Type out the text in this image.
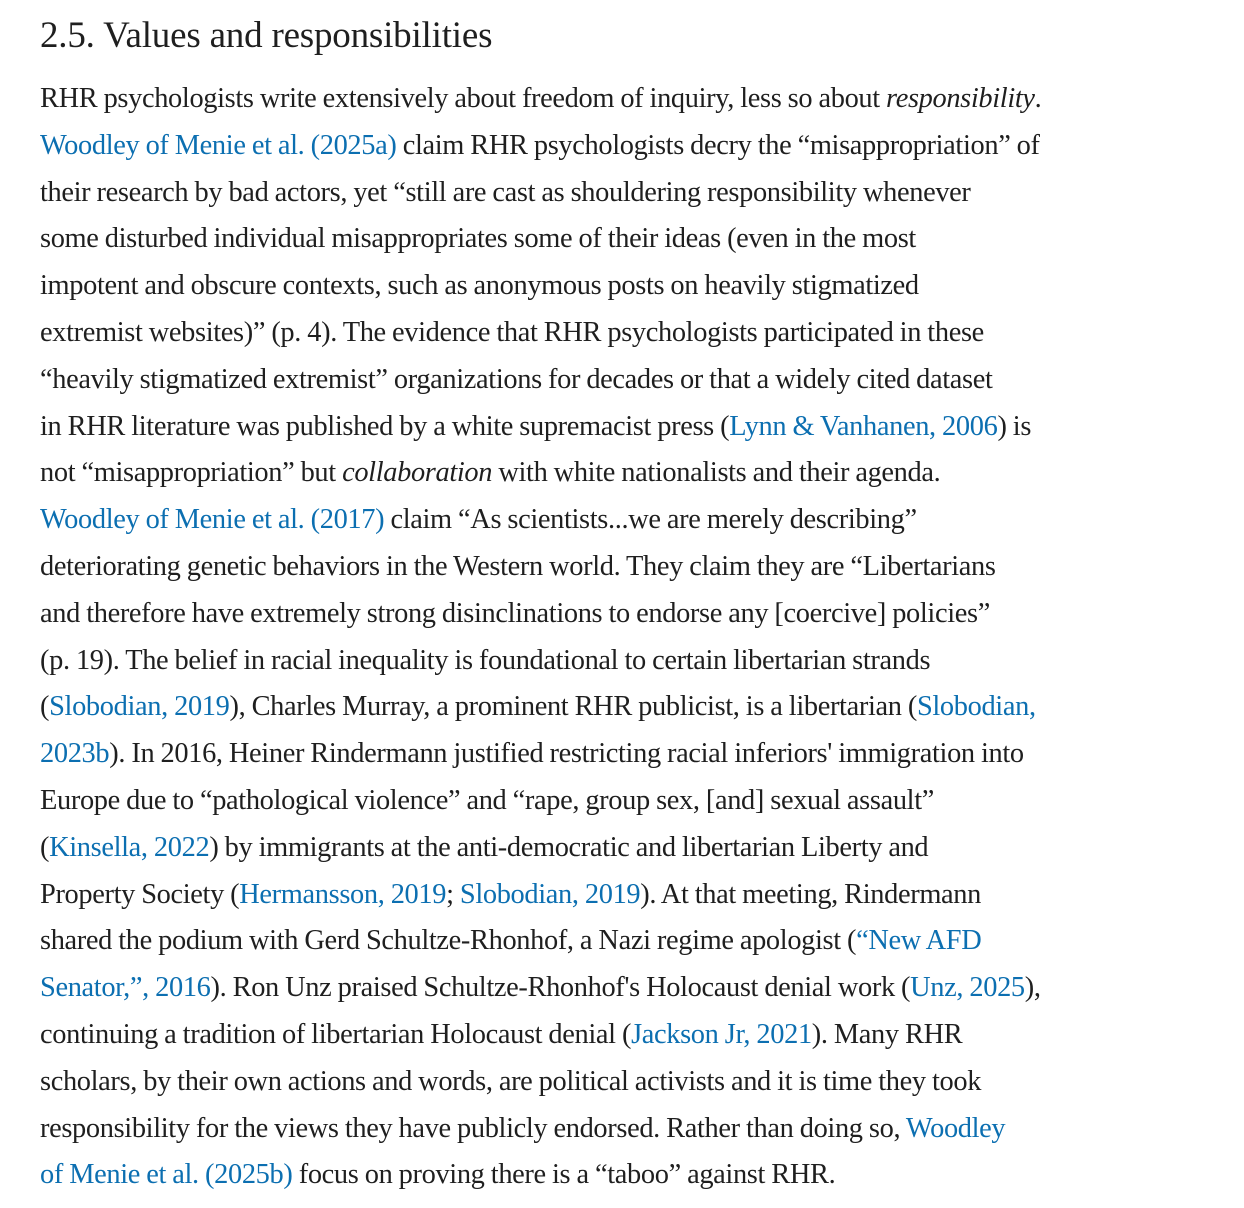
2.5. Values and responsibilities

RHR psychologists write extensively about freedom of inquiry, less so about responsibility.
Woodley of Menie et al. (2025a) claim RHR psychologists decry the “misappropriation” of
their research by bad actors, yet “still are cast as shouldering responsibility whenever
some disturbed individual misappropriates some of their ideas (even in the most
impotent and obscure contexts, such as anonymous posts on heavily stigmatized
extremist websites)” (p. 4). The evidence that RHR psychologists participated in these
“heavily stigmatized extremist” organizations for decades or that a widely cited dataset
in RHR literature was published by a white supremacist press (Lynn & Vanhanen, 2006) is
not “misappropriation” but collaboration with white nationalists and their agenda.
Woodley of Menie et al. (2017) claim “As scientists...we are merely describing”
deteriorating genetic behaviors in the Western world. They claim they are “Libertarians
and therefore have extremely strong disinclinations to endorse any [coercive] policies”
(p. 19). The belief in racial inequality is foundational to certain libertarian strands
(Slobodian, 2019), Charles Murray, a prominent RHR publicist, is a libertarian (Slobodian,
2023b). In 2016, Heiner Rindermann justified restricting racial inferiors' immigration into
Europe due to “pathological violence” and “rape, group sex, [and] sexual assault”
(Kinsella, 2022) by immigrants at the anti-democratic and libertarian Liberty and
Property Society (Hermansson, 2019; Slobodian, 2019). At that meeting, Rindermann
shared the podium with Gerd Schultze-Rhonhof, a Nazi regime apologist (“New AFD
Senator,”, 2016). Ron Unz praised Schultze-Rhonhof's Holocaust denial work (Unz, 2025),
continuing a tradition of libertarian Holocaust denial (Jackson Jr, 2021). Many RHR
scholars, by their own actions and words, are political activists and it is time they took
responsibility for the views they have publicly endorsed. Rather than doing so, Woodley
of Menie et al. (2025b) focus on proving there is a “taboo” against RHR.
